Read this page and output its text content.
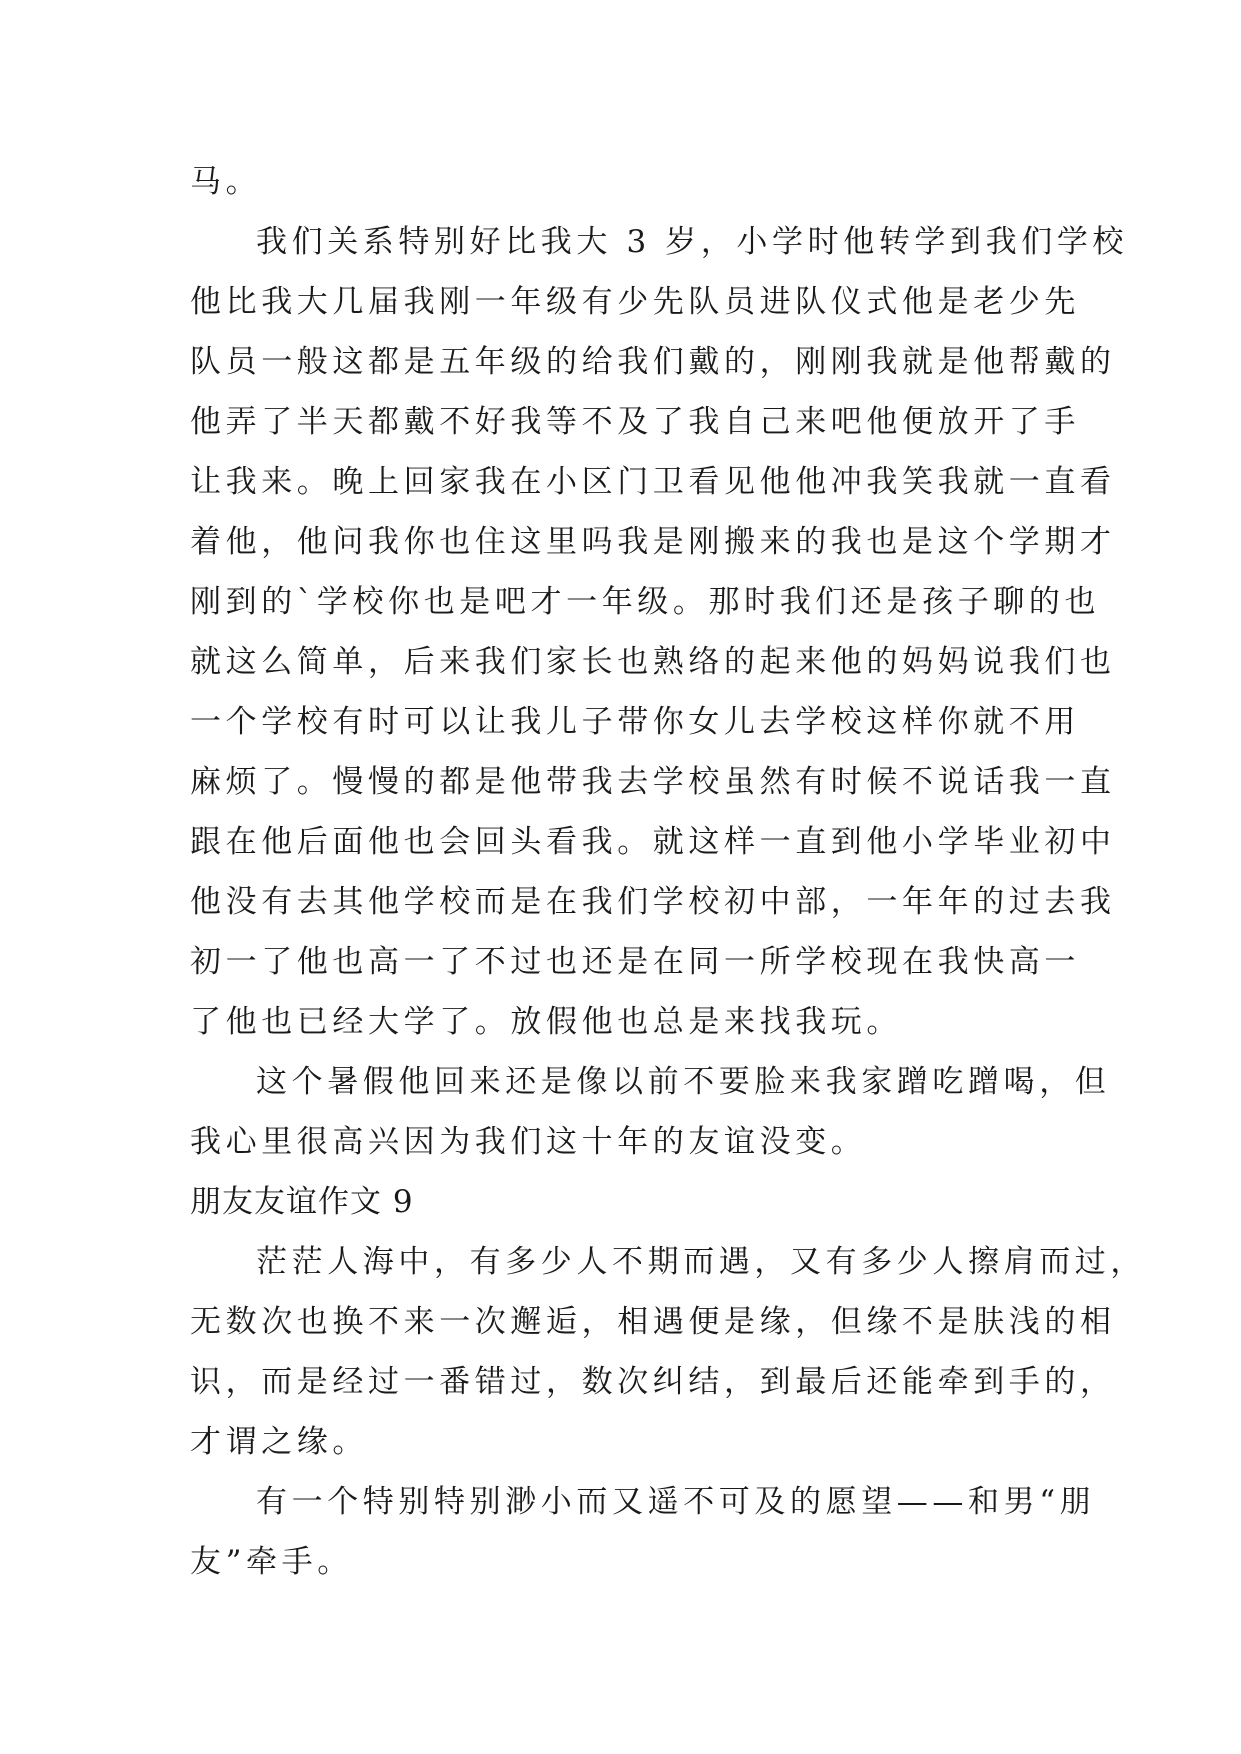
马。
我们关系特别好比我大 3 岁，小学时他转学到我们学校
他比我大几届我刚一年级有少先队员进队仪式他是老少先
队员一般这都是五年级的给我们戴的，刚刚我就是他帮戴的
他弄了半天都戴不好我等不及了我自己来吧他便放开了手
让我来。晚上回家我在小区门卫看见他他冲我笑我就一直看
着他，他问我你也住这里吗我是刚搬来的我也是这个学期才
刚到的`学校你也是吧才一年级。那时我们还是孩子聊的也
就这么简单，后来我们家长也熟络的起来他的妈妈说我们也
一个学校有时可以让我儿子带你女儿去学校这样你就不用
麻烦了。慢慢的都是他带我去学校虽然有时候不说话我一直
跟在他后面他也会回头看我。就这样一直到他小学毕业初中
他没有去其他学校而是在我们学校初中部，一年年的过去我
初一了他也高一了不过也还是在同一所学校现在我快高一
了他也已经大学了。放假他也总是来找我玩。
这个暑假他回来还是像以前不要脸来我家蹭吃蹭喝，但
我心里很高兴因为我们这十年的友谊没变。
朋友友谊作文 9
茫茫人海中，有多少人不期而遇，又有多少人擦肩而过，
无数次也换不来一次邂逅，相遇便是缘，但缘不是肤浅的相
识，而是经过一番错过，数次纠结，到最后还能牵到手的，
才谓之缘。
有一个特别特别渺小而又遥不可及的愿望——和男“朋
友”牵手。
